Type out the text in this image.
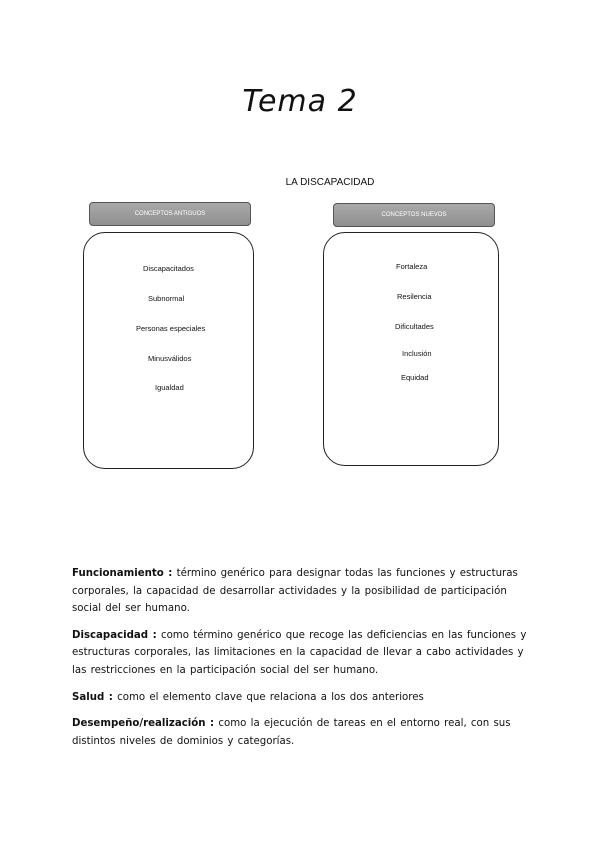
Tema 2
LA DISCAPACIDAD
CONCEPTOS ANTIGUOS	CONCEPTOS NUEVOS
Discapacitados
Subnormal
Personas especiales
Minusválidos
Igualdad
Fortaleza
Resilencia
Dificultades
Inclusión
Equidad

Funcionamiento : término genérico para designar todas las funciones y estructuras corporales, la capacidad de desarrollar actividades y la posibilidad de participación social del ser humano.

Discapacidad : como término genérico que recoge las deficiencias en las funciones y estructuras corporales, las limitaciones en la capacidad de llevar a cabo actividades y las restricciones en la participación social del ser humano.

Salud : como el elemento clave que relaciona a los dos anteriores

Desempeño/realización : como la ejecución de tareas en el entorno real, con sus distintos niveles de dominios y categorías.
